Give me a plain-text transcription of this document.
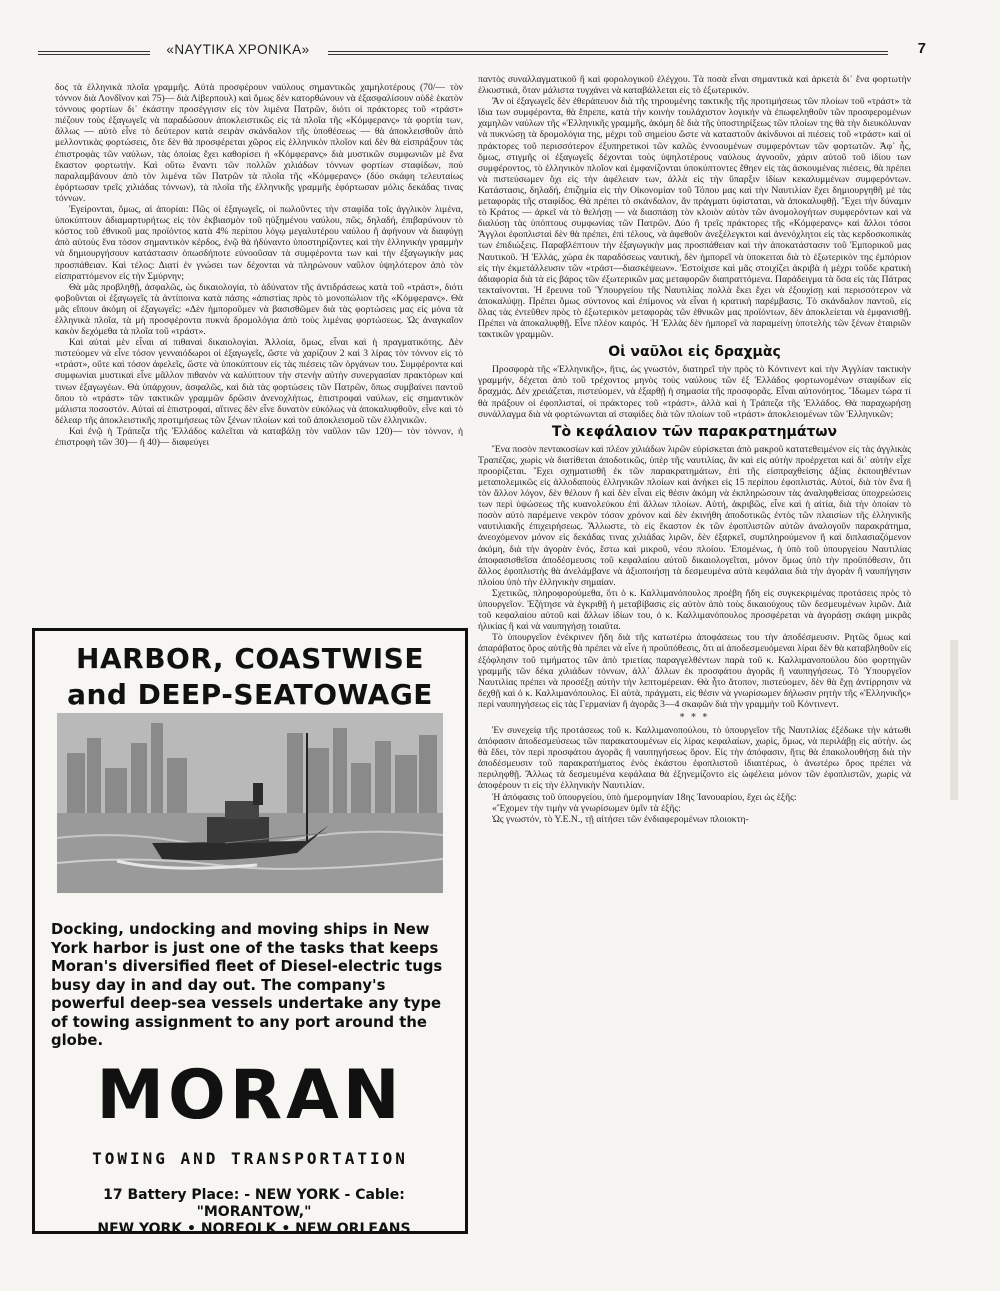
«ΝΑΥΤΙΚΑ ΧΡΟΝΙΚΑ»	7

δος τὰ ἑλληνικὰ πλοῖα γραμμῆς. Αὐτὰ προσφέρουν ναύλους σημαντικῶς χαμηλοτέρους (70/— τὸν τόννον διὰ Λονδῖνον καὶ 75)— διὰ Λίβερπουλ) καὶ ὅμως δὲν κατορθώνουν νὰ ἐξασφαλίσουν οὐδὲ ἑκατὸν τόννους φορτίων δι᾿ ἑκάστην προσέγγισιν εἰς τὸν λιμένα Πατρῶν, διότι οἱ πράκτορες τοῦ «τράστ» πιέζουν τοὺς ἐξαγωγεῖς νὰ παραδώσουν ἀποκλειστικῶς εἰς τὰ πλοῖα τῆς «Κόμφερανς» τὰ φορτία των, ἄλλως — αὐτὸ εἶνε τὸ δεύτερον κατὰ σειρὰν σκάνδαλον τῆς ὑποθέσεως — θὰ ἀποκλεισθοῦν ἀπὸ μελλοντικὰς φορτώσεις, ὅτε δὲν θὰ προσφέρεται χῶρος εἰς ἑλληνικὸν πλοῖον καὶ δὲν θὰ εἰσπράξουν τὰς ἐπιστροφὰς τῶν ναύλων, τὰς ὁποίας ἔχει καθορίσει ἡ «Κόμφερανς» διὰ μυστικῶν συμφωνιῶν μὲ ἕνα ἕκαστον φορτωτήν. Καὶ οὕτω ἔναντι τῶν πολλῶν χιλιάδων τόννων φορτίων σταφίδων, ποὺ παραλαμβάνουν ἀπὸ τὸν λιμένα τῶν Πατρῶν τὰ πλοῖα τῆς «Κόμφερανς» (δύο σκάφη τελευταίως ἐφόρτωσαν τρεῖς χιλιάδας τόννων), τὰ πλοῖα τῆς ἑλληνικῆς γραμμῆς ἐφόρτωσαν μόλις δεκάδας τινας τόννων.

Ἐγείρονται, ὅμως, αἱ ἀπορίαι: Πῶς οἱ ἐξαγωγεῖς, οἱ πωλοῦντες τὴν σταφίδα τοῖς ἀγγλικὸν λιμένα, ὑποκύπτουν ἀδιαμαρτυρήτως εἰς τὸν ἐκβιασμὸν τοῦ ηὐξημένου ναύλου, πῶς, δηλαδή, ἐπιβαρύνουν τὸ κόστος τοῦ ἐθνικοῦ μας προϊόντος κατὰ 4% περίπου λόγῳ μεγαλυτέρου ναύλου ἢ ἀφήνουν νὰ διαφύγῃ ἀπὸ αὐτοὺς ἕνα τόσον σημαντικὸν κέρδος, ἐνῷ θὰ ἠδύναντο ὑποστηρίζοντες καὶ τὴν ἑλληνικὴν γραμμὴν νὰ δημιουργήσουν κατάστασιν ὁπωσδήποτε εὐνοοῦσαν τὰ συμφέροντα των καὶ τὴν ἐξαγωγικὴν μας προσπάθειαν. Καὶ τέλος: Διατί ἐν γνώσει των δέχονται νὰ πληρώνουν ναῦλον ὑψηλότερον ἀπὸ τὸν εἰσπραττόμενον εἰς τὴν Σμύρνην;

Θὰ μᾶς προβληθῇ, ἀσφαλῶς, ὡς δικαιολογία, τὸ ἀδύνατον τῆς ἀντιδράσεως κατὰ τοῦ «τράστ», διότι φοβοῦνται οἱ ἐξαγωγεῖς τὰ ἀντίποινα κατὰ πάσης «ἀπιστίας πρὸς τὸ μονοπώλιον τῆς «Κόμφερανς». Θὰ μᾶς εἴπουν ἀκόμη οἱ ἐξαγωγεῖς: «Δὲν ἠμποροῦμεν νὰ βασισθῶμεν διὰ τὰς φορτώσεις μας εἰς μόνα τὰ ἑλληνικὰ πλοῖα, τὰ μὴ προσφέροντα πυκνὰ δρομολόγια ἀπὸ τοὺς λιμένας φορτώσεως. Ὡς ἀναγκαῖον κακὸν δεχόμεθα τὰ πλοῖα τοῦ «τράστ».

Καὶ αὐταὶ μὲν εἶναι αἱ πιθαναὶ δικαιολογίαι. Ἀλλοία, ὅμως, εἶναι καὶ ἡ πραγματικότης. Δὲν πιστεύομεν νὰ εἶνε τόσον γενναιόδωροι οἱ ἐξαγωγεῖς, ὥστε νὰ χαρίζουν 2 καὶ 3 λίρας τὸν τόννον εἰς τὸ «τράστ», οὔτε καὶ τόσον ἀφελεῖς, ὥστε νὰ ὑποκύπτουν εἰς τὰς πιέσεις τῶν ὀργάνων του. Συμφέροντα καὶ συμφωνίαι μυστικαὶ εἶνε μᾶλλον πιθανὸν νὰ καλύπτουν τὴν στενὴν αὐτὴν συνεργασίαν πρακτόρων καὶ τινων ἐξαγωγέων. Θὰ ὑπάρχουν, ἀσφαλῶς, καὶ διὰ τὰς φορτώσεις τῶν Πατρῶν, ὅπως συμβαίνει παντοῦ ὅπου τὸ «τράστ» τῶν τακτικῶν γραμμῶν δρῶσιν ἀνενοχλήτως, ἐπιστροφαὶ ναύλων, εἰς σημαντικὸν μάλιστα ποσοστόν. Αὐταὶ αἱ ἐπιστροφαί, αἵτινες δὲν εἶνε δυνατὸν εὐκόλως νὰ ἀποκαλυφθοῦν, εἶνε καὶ τὸ δέλεαρ τῆς ἀποκλειστικῆς προτιμήσεως τῶν ξένων πλοίων καὶ τοῦ ἀποκλεισμοῦ τῶν ἑλληνικῶν.

Καὶ ἐνῷ ἡ Τράπεζα τῆς Ἑλλάδος καλεῖται νὰ καταβάλῃ τὸν ναῦλον τῶν 120)— τὸν τόννον, ἡ ἐπιστροφὴ τῶν 30)— ἢ 40)— διαφεύγει

παντὸς συναλλαγματικοῦ ἢ καὶ φορολογικοῦ ἐλέγχου. Τὰ ποσὰ εἶναι σημαντικὰ καὶ ἀρκετὰ δι᾿ ἕνα φορτωτὴν ἑλκυστικά, ὅταν μάλιστα τυγχάνει νὰ καταβάλλεται εἰς τὸ ἐξωτερικόν.

Ἂν οἱ ἐξαγωγεῖς δὲν ἐθεράπευον διὰ τῆς τηρουμένης τακτικῆς τῆς προτιμήσεως τῶν πλοίων τοῦ «τράστ» τὰ ἴδια των συμφέροντα, θὰ ἔπρεπε, κατὰ τὴν κοινὴν τουλάχιστον λογικήν νὰ ἐπωφεληθοῦν τῶν προσφερομένων χαμηλῶν ναύλων τῆς «Ἑλληνικῆς γραμμῆς, ἀκόμη δὲ διὰ τῆς ὑποστηρίξεως τῶν πλοίων της θὰ τὴν διευκόλυναν νὰ πυκνώσῃ τὰ δρομολόγια της, μέχρι τοῦ σημείου ὥστε νὰ καταστοῦν ἀκίνδυνοι αἱ πιέσεις τοῦ «τράστ» καὶ οἱ πράκτορες τοῦ περισσότερον ἐξυπηρετικοὶ τῶν καλῶς ἐννοουμένων συμφερόντων τῶν φορτωτῶν. Ἀφ᾿ ἧς, ὅμως, στιγμῆς οἱ ἐξαγωγεῖς δέχονται τοὺς ὑψηλοτέρους ναύλους ἀγνοοῦν, χάριν αὐτοῦ τοῦ ἰδίου των συμφέροντος, τὸ ἑλληνικὸν πλοῖον καὶ ἐμφανίζονται ὑποκύπτοντες ἔθηεν εἰς τὰς ἀσκουμένας πιέσεις, θὰ πρέπει νὰ πιστεύσωμεν ὄχι εἰς τὴν ἀφέλειαν των, ἀλλὰ εἰς τὴν ὕπαρξιν ἰδίων κεκαλυμμένων συμφερόντων. Κατάστασις, δηλαδή, ἐπιζημία εἰς τὴν Οἰκονομίαν τοῦ Τόπου μας καὶ τὴν Ναυτιλίαν ἔχει δημιουργηθῆ μὲ τὰς μεταφορὰς τῆς σταφίδος. Θὰ πρέπει τὸ σκάνδαλον, ἂν πράγματι ὑφίσταται, νὰ ἀποκαλυφθῇ. Ἔχει τὴν δύναμιν τὸ Κράτος — ἀρκεῖ νὰ τὸ θελήσῃ — νὰ διασπάσῃ τὸν κλοιὸν αὐτὸν τῶν ἀνομολογήτων συμφερόντων καὶ νὰ διαλύσῃ τὰς ὑπόπτους συμφωνίας τῶν Πατρῶν. Δύο ἢ τρεῖς πράκτορες τῆς «Κόμφερανς» καὶ ἄλλοι τόσοι Ἄγγλοι ἐφοπλισταὶ δὲν θὰ πρέπει, ἐπὶ τέλους, νὰ ἀφεθοῦν ἀνεξέλεγκτοι καὶ ἀνενόχλητοι εἰς τὰς κερδοσκοπικὰς των ἐπιδιώξεις. Παραβλέπτουν τὴν ἐξαγωγικὴν μας προσπάθειαν καὶ τὴν ἀποκατάστασιν τοῦ Ἐμπορικοῦ μας Ναυτικοῦ. Ἡ Ἑλλάς, χώρα ἐκ παραδόσεως ναυτική, δὲν ἠμπορεῖ νὰ ὑποκειται διὰ τὸ ἐξωτερικὸν της ἐμπόριον εἰς τὴν ἐκμετάλλευσιν τῶν «τράστ—διασκέψεων». Ἐστοίχισε καὶ μᾶς στοιχίζει ἀκριβὰ ἡ μέχρι τοῦδε κρατικὴ ἀδιαφορία διὰ τὰ εἰς βάρος τῶν ἐξωτερικῶν μας μεταφορῶν διαπραττόμενα. Παράδειγμα τὰ ὅσα εἰς τὰς Πάτρας τεκταίνονται. Ἡ ἔρευνα τοῦ Ὑπουργείου τῆς Ναυτιλίας πολλὰ ἔκει ἔχει νὰ ἐξουχίσῃ καὶ περισσότερον νὰ ἀποκαλύψῃ. Πρέπει ὅμως σύντονος καὶ ἐπίμονος νὰ εἶναι ἡ κρατικὴ παρέμβασις. Τὸ σκάνδαλον παντοῦ, εἰς ὅλας τὰς ἐντεῦθεν πρὸς τὸ ἐξωτερικὸν μεταφορὰς τῶν ἐθνικῶν μας προϊόντων, δὲν ἀποκλείεται νὰ ἐμφανισθῇ. Πρέπει νὰ ἀποκαλυφθῇ. Εἶνε πλέον καιρός. Ἡ Ἑλλὰς δὲν ἠμπορεῖ νὰ παραμείνῃ ὑποτελὴς τῶν ξένων ἑταιριῶν τακτικῶν γραμμῶν.

Οἱ ναῦλοι εἰς δραχμὰς

Προσφορὰ τῆς «Ἑλληνικῆς», ἥτις, ὡς γνωστόν, διατηρεῖ τὴν πρὸς τὸ Κόντινεντ καὶ τὴν Ἀγγλίαν τακτικὴν γραμμήν, δέχεται ἀπὸ τοῦ τρέχοντος μηνὸς τοὺς ναύλους τῶν ἐξ Ἑλλάδος φορτωνομένων σταφίδων εἰς δραχμάς. Δὲν χρειάζεται, πιστεύομεν, νὰ ἐξαρθῇ ἡ σημασία τῆς προσφορᾶς. Εἶναι αὐτονόητος. Ἴδωμεν τώρα τί θὰ πράξουν οἱ ἐφοπλισταί, οἱ πράκτορες τοῦ «τράστ», ἀλλὰ καὶ ἡ Τράπεζα τῆς Ἑλλάδος. Θὰ παραχωρήσῃ συνάλλαγμα διὰ νὰ φορτώνωνται αἱ σταφίδες διὰ τῶν πλοίων τοῦ «τράστ» ἀποκλειομένων τῶν Ἑλληνικῶν;

Τὸ κεφάλαιον τῶν παρακρατημάτων

Ἕνα ποσὸν πεντακοσίων καὶ πλέον χιλιάδων λιρῶν εὑρίσκεται ἀπὸ μακροῦ κατατεθειμένον εἰς τὰς ἀγγλικὰς Τραπέζας, χωρὶς νὰ διατίθεται ἀποδοτικῶς, ὑπὲρ τῆς ναυτιλίας, ἂν καὶ εἰς αὐτὴν προέρχεται καὶ δι᾿ αὐτὴν εἶχε προορίζεται. Ἔχει σχηματισθῆ ἐκ τῶν παρακρατημάτων, ἐπὶ τῆς εἰσπραχθείσης ἀξίας ἐκποιηθέντων μεταπολεμικῶς εἰς ἀλλοδαποὺς ἑλληνικῶν πλοίων καὶ ἀνήκει εἰς 15 περίπου ἐφοπλιστάς. Αὐτοί, διὰ τὸν ἕνα ἢ τὸν ἄλλον λόγον, δὲν θέλουν ἢ καὶ δὲν εἶναι εἰς θέσιν ἀκόμη νὰ ἐκπληρώσουν τὰς ἀναληφθείσας ὑποχρεώσεις των περὶ ὑψώσεως τῆς κυανολεύκου ἐπὶ ἄλλων πλοίων. Αὐτή, ἀκριβῶς, εἶνε καὶ ἡ αἰτία, διὰ τὴν ὁποίαν τὸ ποσὸν αὐτὸ παρέμεινε νεκρὸν τόσον χρόνον καὶ δὲν ἐκινήθη ἀποδοτικῶς ἐντὸς τῶν πλαισίων τῆς ἑλληνικῆς ναυτιλιακῆς ἐπιχειρήσεως. Ἄλλωστε, τὸ εἰς ἕκαστον ἐκ τῶν ἐφοπλιστῶν αὐτῶν ἀναλογοῦν παρακράτημα, ἀνεοχόμενον μόνον εἰς δεκάδας τινας χιλιάδας λιρῶν, δὲν ἐξαρκεῖ, συμπληρούμενον ἢ καὶ διπλασιαζόμενον ἀκόμη, διὰ τὴν ἀγορὰν ἑνός, ἔστω καὶ μικροῦ, νέου πλοίου. Ἐπομένως, ἡ ὑπὸ τοῦ ὑπουργείου Ναυτιλίας ἀποφασισθεῖσα ἀποδέσμευσις τοῦ κεφαλαίου αὐτοῦ δικαιολογεῖται, μόνον ὅμως ὑπὸ τὴν προϋπόθεσιν, ὅτι ἄλλος ἐφοπλιστὴς θὰ ἀνελάμβανε νὰ ἀξιοποιήσῃ τὰ δεσμευμένα αὐτὰ κεφάλαια διὰ τὴν ἀγορὰν ἢ ναυπήγησιν πλοίου ὑπὸ τὴν ἑλληνικὴν σημαίαν.

Σχετικῶς, πληροφορούμεθα, ὅτι ὁ κ. Καλλιμανόπουλος προέβη ἤδη εἰς συγκεκριμένας προτάσεις πρὸς τὸ ὑπουργεῖον. Ἐζήτησε νὰ ἐγκριθῇ ἡ μεταβίβασις εἰς αὐτὸν ἀπὸ τοὺς δικαιούχους τῶν δεσμευμένων λιρῶν. Διὰ τοῦ κεφαλαίου αὐτοῦ καὶ ἄλλων ἰδίων του, ὁ κ. Καλλιμανόπουλος προσφέρεται νὰ ἀγοράσῃ σκάφη μικρᾶς ἡλικίας ἢ καὶ νὰ ναυπηγήσῃ τοιαῦτα.

Τὸ ὑπουργεῖον ἐνέκρινεν ἤδη διὰ τῆς κατωτέρω ἀποφάσεως του τὴν ἀποδέσμευσιν. Ρητῶς ὅμως καὶ ἀπαράβατος ὅρος αὐτῆς θὰ πρέπει νὰ εἶνε ἡ προϋπόθεσις, ὅτι αἱ ἀποδεσμευόμεναι λίραι δὲν θὰ καταβληθοῦν εἰς ἐξόφλησιν τοῦ τιμήματος τῶν ἀπὸ τριετίας παραγγελθέντων παρὰ τοῦ κ. Καλλιμανοπούλου δύο φορτηγῶν γραμμῆς τῶν δέκα χιλιάδων τόννων, ἀλλ᾿ ἄλλων ἐκ προσφάτου ἀγορᾶς ἢ ναυπηγήσεως. Τὸ Ὑπουργεῖον Ναυτιλίας πρέπει νὰ προσέξῃ αὐτὴν τὴν λεπτομέρειαν. Θὰ ἦτο ἄτοπον, πιστεύομεν, δὲν θὰ ἔχῃ ἀντίρρησιν νὰ δεχθῇ καὶ ὁ κ. Καλλιμανόπουλος. Εἰ αὐτὰ, πράγματι, εἰς θέσιν νὰ γνωρίσωμεν δήλωσιν ρητὴν τῆς «Ἑλληνικῆς» περὶ ναυπηγήσεως εἰς τὰς Γερμανίαν ἢ ἀγορᾶς 3—4 σκαφῶν διὰ τὴν γραμμὴν τοῦ Κόντινεντ.

* * *

Ἐν συνεχείᾳ τῆς προτάσεως τοῦ κ. Καλλιμανοπούλου, τὸ ὑπουργεῖον τῆς Ναυτιλίας ἐξέδωκε τὴν κάτωθι ἀπόφασιν ἀποδεσμεύσεως τῶν παρακατουμένων εἰς λίρας κεφαλαίων, χωρὶς, ὅμως, νὰ περιλάβῃ εἰς αὐτὴν. ὡς θὰ ἔδει, τὸν περὶ προσφάτου ἀγορᾶς ἢ ναυπηγήσεως ὅρον. Εἰς τὴν ἀπόφασιν, ἥτις θὰ ἐπακολουθήσῃ διὰ τὴν ἀποδέσμευσιν τοῦ παρακρατήματος ἑνὸς ἑκάστου ἐφοπλιστοῦ ἰδιαιτέρως, ὁ ἀνωτέρω ὅρος πρέπει νὰ περιληφθῇ. Ἄλλως τὰ δεσμευμένα κεφάλαια θὰ ἐξηνεμίζοντο εἰς ὠφέλεια μόνον τῶν ἐφοπλιστῶν, χωρὶς νὰ ἀποφέρουν τι εἰς τὴν ἑλληνικὴν Ναυτιλίαν.

Ἡ ἀπόφασις τοῦ ὑπουργείου, ὑπὸ ἡμερομηνίαν 18ης Ἰανουαρίου, ἔχει ὡς ἑξῆς:

«Ἔχομεν τὴν τιμὴν νὰ γνωρίσωμεν ὑμῖν τὰ ἑξῆς:

Ὡς γνωστόν, τὸ Υ.Ε.Ν., τῇ αἰτήσει τῶν ἐνδιαφερομένων πλοιοκτη-

HARBOR, COASTWISE
and DEEP-SEATOWAGE
Docking, undocking and moving ships in New York harbor is just one of the tasks that keeps Moran's diversified fleet of Diesel-electric tugs busy day in and day out. The company's powerful deep-sea vessels undertake any type of towing assignment to any port around the globe.
MORAN
TOWING AND TRANSPORTATION
17 Battery Place: - NEW YORK - Cable: "MORANTOW,"
NEW YORK • NORFOLK • NEW ORLEANS
